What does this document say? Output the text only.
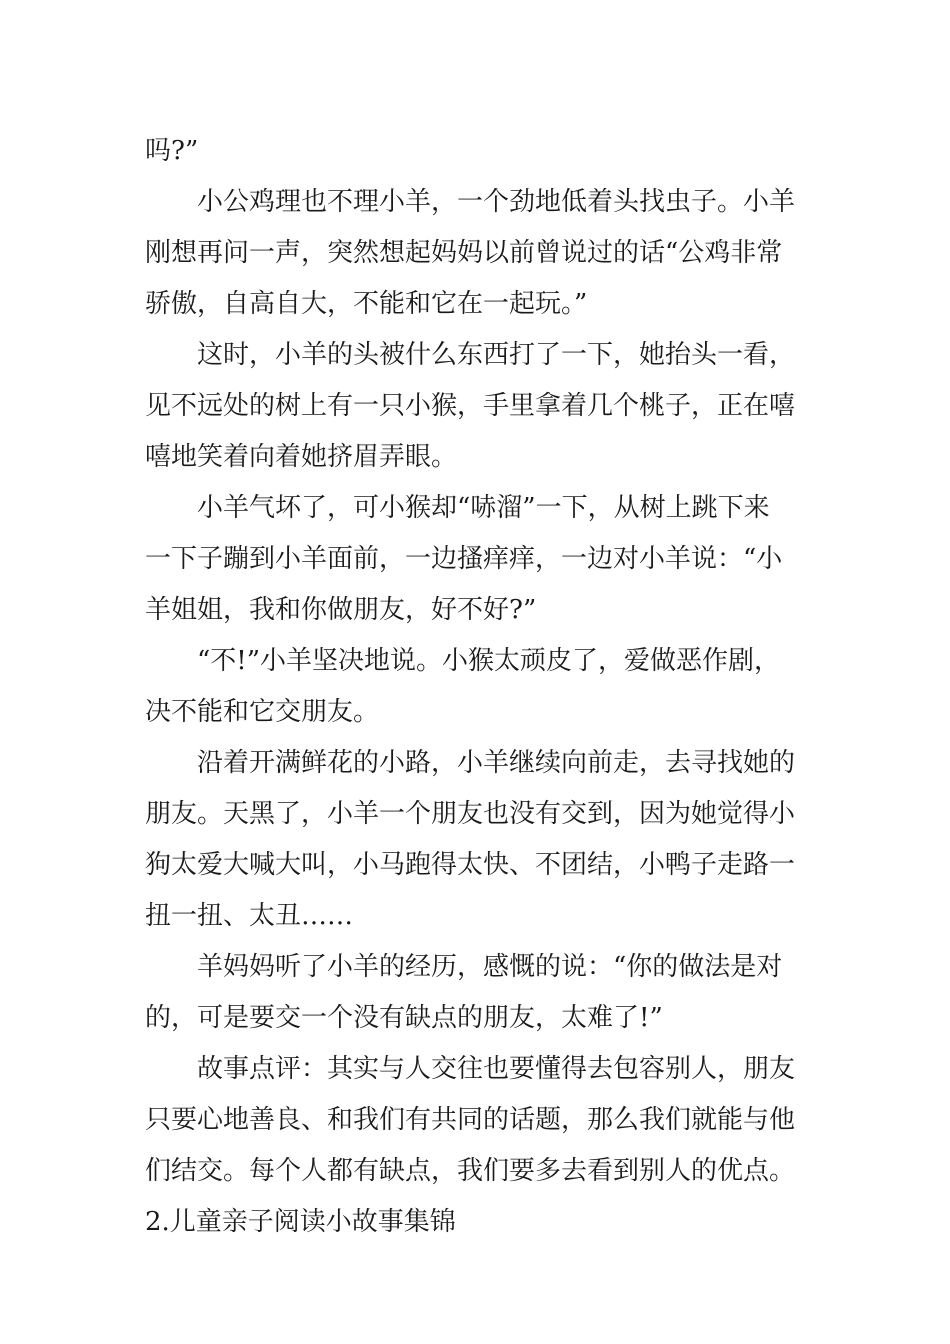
吗?”
小公鸡理也不理小羊，一个劲地低着头找虫子。小羊
刚想再问一声，突然想起妈妈以前曾说过的话“公鸡非常
骄傲，自高自大，不能和它在一起玩。”
这时，小羊的头被什么东西打了一下，她抬头一看，
见不远处的树上有一只小猴，手里拿着几个桃子，正在嘻
嘻地笑着向着她挤眉弄眼。
小羊气坏了，可小猴却“哧溜”一下，从树上跳下来
一下子蹦到小羊面前，一边搔痒痒，一边对小羊说：“小
羊姐姐，我和你做朋友，好不好?”
“不!”小羊坚决地说。小猴太顽皮了，爱做恶作剧，
决不能和它交朋友。
沿着开满鲜花的小路，小羊继续向前走，去寻找她的
朋友。天黑了，小羊一个朋友也没有交到，因为她觉得小
狗太爱大喊大叫，小马跑得太快、不团结，小鸭子走路一
扭一扭、太丑……
羊妈妈听了小羊的经历，感慨的说：“你的做法是对
的，可是要交一个没有缺点的朋友，太难了!”
故事点评：其实与人交往也要懂得去包容别人，朋友
只要心地善良、和我们有共同的话题，那么我们就能与他
们结交。每个人都有缺点，我们要多去看到别人的优点。
2.儿童亲子阅读小故事集锦
